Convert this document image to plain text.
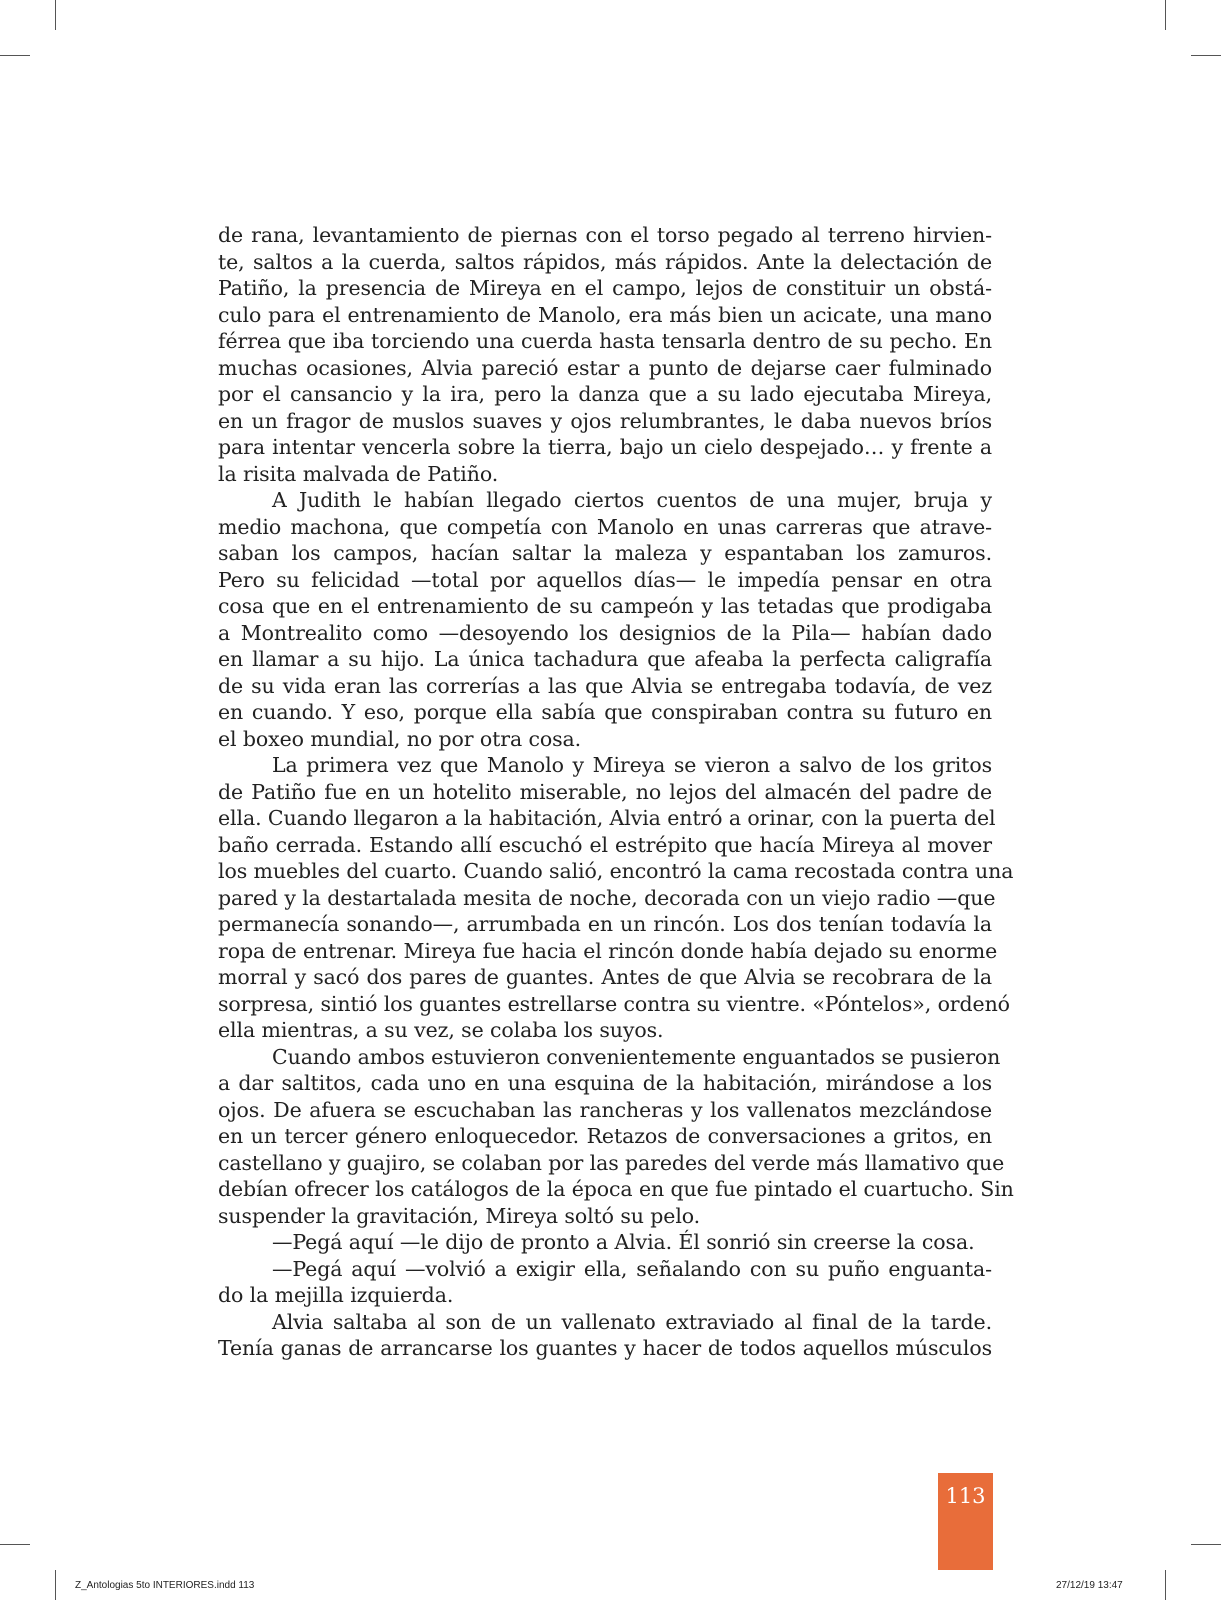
de rana, levantamiento de piernas con el torso pegado al terreno hirvien-
te, saltos a la cuerda, saltos rápidos, más rápidos. Ante la delectación de
Patiño, la presencia de Mireya en el campo, lejos de constituir un obstá-
culo para el entrenamiento de Manolo, era más bien un acicate, una mano
férrea que iba torciendo una cuerda hasta tensarla dentro de su pecho. En
muchas ocasiones, Alvia pareció estar a punto de dejarse caer fulminado
por el cansancio y la ira, pero la danza que a su lado ejecutaba Mireya,
en un fragor de muslos suaves y ojos relumbrantes, le daba nuevos bríos
para intentar vencerla sobre la tierra, bajo un cielo despejado… y frente a
la risita malvada de Patiño.
A Judith le habían llegado ciertos cuentos de una mujer, bruja y
medio machona, que competía con Manolo en unas carreras que atrave-
saban los campos, hacían saltar la maleza y espantaban los zamuros.
Pero su felicidad —total por aquellos días— le impedía pensar en otra
cosa que en el entrenamiento de su campeón y las tetadas que prodigaba
a Montrealito como —desoyendo los designios de la Pila— habían dado
en llamar a su hijo. La única tachadura que afeaba la perfecta caligrafía
de su vida eran las correrías a las que Alvia se entregaba todavía, de vez
en cuando. Y eso, porque ella sabía que conspiraban contra su futuro en
el boxeo mundial, no por otra cosa.
La primera vez que Manolo y Mireya se vieron a salvo de los gritos
de Patiño fue en un hotelito miserable, no lejos del almacén del padre de
ella. Cuando llegaron a la habitación, Alvia entró a orinar, con la puerta del
baño cerrada. Estando allí escuchó el estrépito que hacía Mireya al mover
los muebles del cuarto. Cuando salió, encontró la cama recostada contra una
pared y la destartalada mesita de noche, decorada con un viejo radio —que
permanecía sonando—, arrumbada en un rincón. Los dos tenían todavía la
ropa de entrenar. Mireya fue hacia el rincón donde había dejado su enorme
morral y sacó dos pares de guantes. Antes de que Alvia se recobrara de la
sorpresa, sintió los guantes estrellarse contra su vientre. «Póntelos», ordenó
ella mientras, a su vez, se colaba los suyos.
Cuando ambos estuvieron convenientemente enguantados se pusieron
a dar saltitos, cada uno en una esquina de la habitación, mirándose a los
ojos. De afuera se escuchaban las rancheras y los vallenatos mezclándose
en un tercer género enloquecedor. Retazos de conversaciones a gritos, en
castellano y guajiro, se colaban por las paredes del verde más llamativo que
debían ofrecer los catálogos de la época en que fue pintado el cuartucho. Sin
suspender la gravitación, Mireya soltó su pelo.
—Pegá aquí —le dijo de pronto a Alvia. Él sonrió sin creerse la cosa.
—Pegá aquí —volvió a exigir ella, señalando con su puño enguanta-
do la mejilla izquierda.
Alvia saltaba al son de un vallenato extraviado al final de la tarde.
Tenía ganas de arrancarse los guantes y hacer de todos aquellos músculos
113
Z_Antologias 5to INTERIORES.indd 113	27/12/19 13:47
